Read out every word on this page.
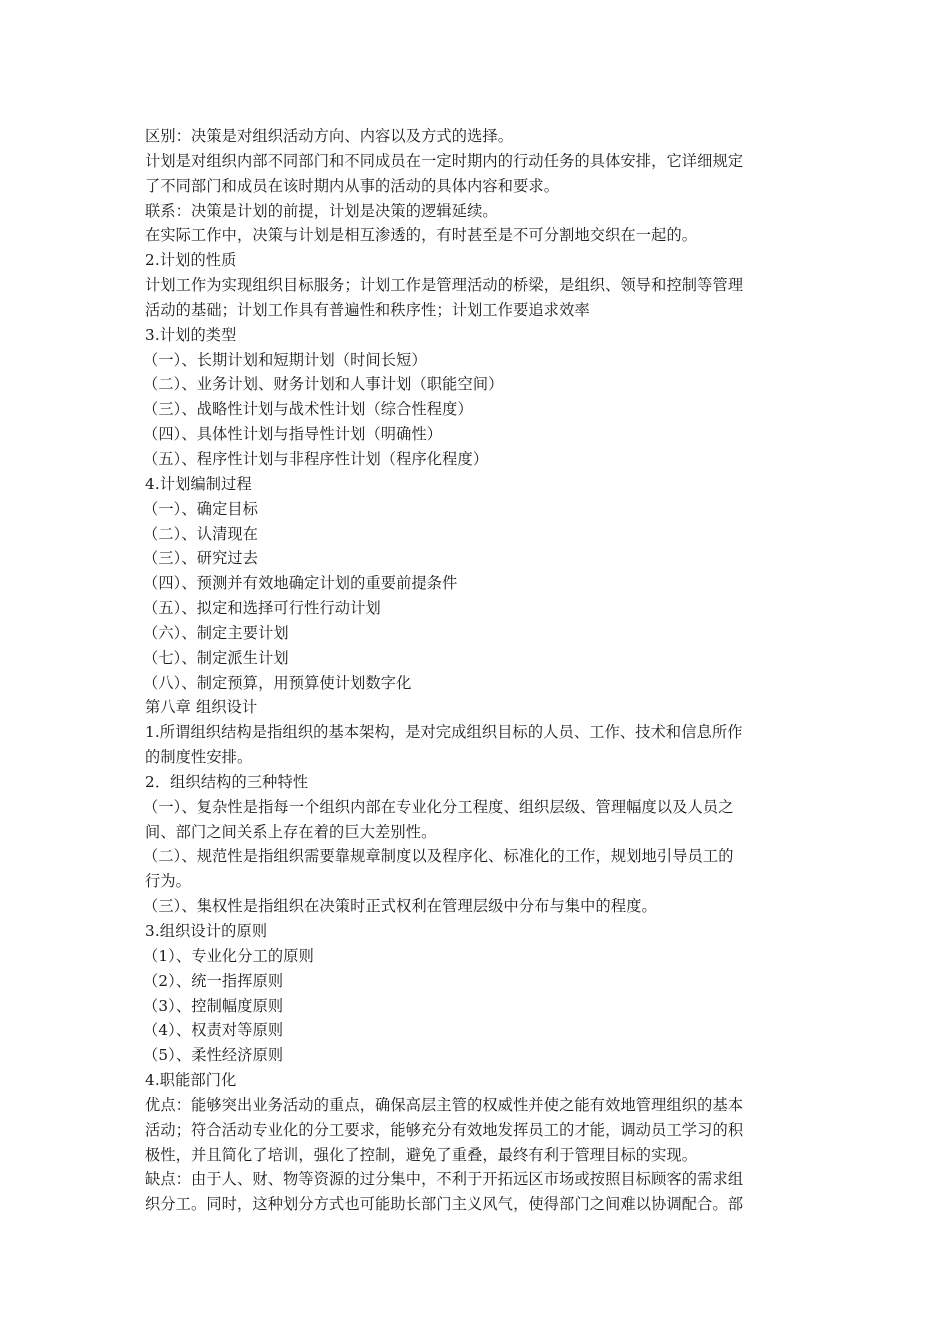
区别：决策是对组织活动方向、内容以及方式的选择。
计划是对组织内部不同部门和不同成员在一定时期内的行动任务的具体安排，它详细规定
了不同部门和成员在该时期内从事的活动的具体内容和要求。
联系：决策是计划的前提，计划是决策的逻辑延续。
在实际工作中，决策与计划是相互渗透的，有时甚至是不可分割地交织在一起的。
2.计划的性质
计划工作为实现组织目标服务；计划工作是管理活动的桥梁，是组织、领导和控制等管理
活动的基础；计划工作具有普遍性和秩序性；计划工作要追求效率
3.计划的类型
（一）、长期计划和短期计划（时间长短）
（二）、业务计划、财务计划和人事计划（职能空间）
（三）、战略性计划与战术性计划（综合性程度）
（四）、具体性计划与指导性计划（明确性）
（五）、程序性计划与非程序性计划（程序化程度）
4.计划编制过程
（一）、确定目标
（二）、认清现在
（三）、研究过去
（四）、预测并有效地确定计划的重要前提条件
（五）、拟定和选择可行性行动计划
（六）、制定主要计划
（七）、制定派生计划
（八）、制定预算，用预算使计划数字化
第八章 组织设计
1.所谓组织结构是指组织的基本架构，是对完成组织目标的人员、工作、技术和信息所作
的制度性安排。
2．组织结构的三种特性
（一）、复杂性是指每一个组织内部在专业化分工程度、组织层级、管理幅度以及人员之
间、部门之间关系上存在着的巨大差别性。
（二）、规范性是指组织需要靠规章制度以及程序化、标准化的工作，规划地引导员工的
行为。
（三）、集权性是指组织在决策时正式权利在管理层级中分布与集中的程度。
3.组织设计的原则
（1）、专业化分工的原则
（2）、统一指挥原则
（3）、控制幅度原则
（4）、权责对等原则
（5）、柔性经济原则
4.职能部门化
优点：能够突出业务活动的重点，确保高层主管的权威性并使之能有效地管理组织的基本
活动；符合活动专业化的分工要求，能够充分有效地发挥员工的才能，调动员工学习的积
极性，并且简化了培训，强化了控制，避免了重叠，最终有利于管理目标的实现。
缺点：由于人、财、物等资源的过分集中，不利于开拓远区市场或按照目标顾客的需求组
织分工。同时，这种划分方式也可能助长部门主义风气，使得部门之间难以协调配合。部
